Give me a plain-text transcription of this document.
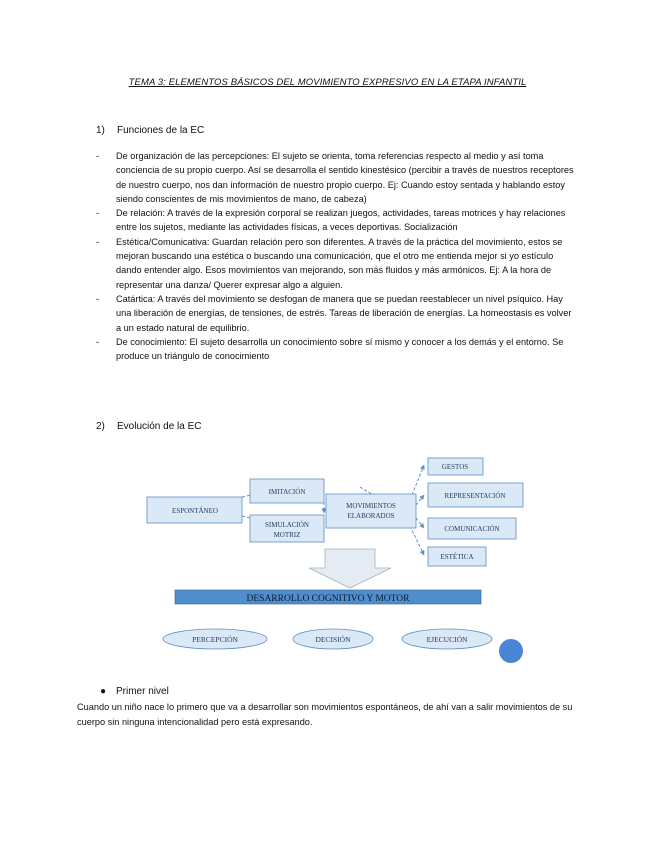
TEMA 3: ELEMENTOS BÁSICOS DEL MOVIMIENTO EXPRESIVO EN LA ETAPA INFANTIL
1) Funciones de la EC
- De organización de las percepciones: El sujeto se orienta, toma referencias respecto al medio y así toma conciencia de su propio cuerpo. Así se desarrolla el sentido kinestésico (percibir a través de nuestros receptores de nuestro cuerpo, nos dan información de nuestro propio cuerpo. Ej: Cuando estoy sentada y hablando estoy siendo conscientes de mis movimientos de mano, de cabeza)
- De relación: A través de la expresión corporal se realizan juegos, actividades, tareas motrices y hay relaciones entre los sujetos, mediante las actividades físicas, a veces deportivas. Socialización
- Estética/Comunicativa: Guardan relación pero son diferentes. A través de la práctica del movimiento, estos se mejoran buscando una estética o buscando una comunicación, que el otro me entienda mejor si yo estículo dando entender algo. Esos movimientos van mejorando, son más fluidos y más armónicos. Ej: A la hora de representar una danza/ Querer expresar algo a alguien.
- Catártica: A través del movimiento se desfogan de manera que se puedan reestablecer un nivel psíquico. Hay una liberación de energías, de tensiones, de estrés. Tareas de liberación de energías. La homeostasis es volver a un estado natural de equilibrio.
- De conocimiento: El sujeto desarrolla un conocimiento sobre sí mismo y conocer a los demás y el entorno. Se produce un triángulo de conocimiento
2) Evolución de la EC
ESPONTÁNEO
IMITACIÓN
SIMULACIÓN
MOTRIZ
MOVIMIENTOS
ELABORADOS
GESTOS
REPRESENTACIÓN
COMUNICACIÓN
ESTÉTICA
DESARROLLO COGNITIVO Y MOTOR
PERCEPCIÓN	DECISIÓN	EJECUCIÓN
● Primer nivel
Cuando un niño nace lo primero que va a desarrollar son movimientos espontáneos, de ahí van a salir movimientos de su cuerpo sin ninguna intencionalidad pero está expresando.
